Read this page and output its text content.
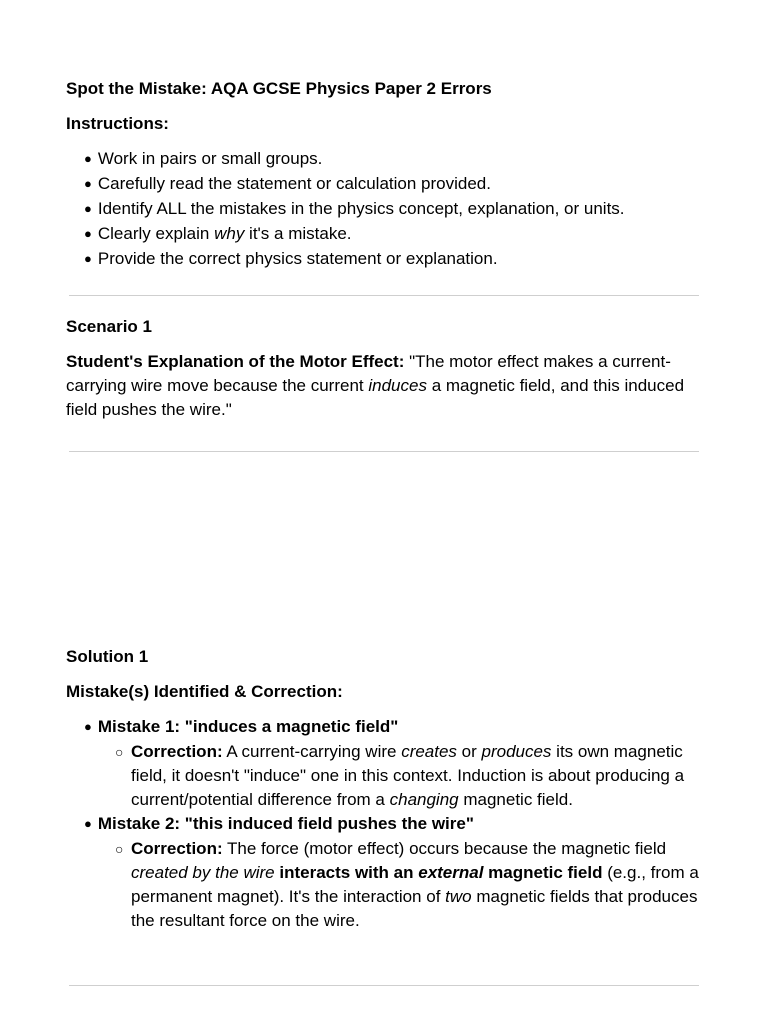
Spot the Mistake: AQA GCSE Physics Paper 2 Errors

Instructions:

● Work in pairs or small groups.
● Carefully read the statement or calculation provided.
● Identify ALL the mistakes in the physics concept, explanation, or units.
● Clearly explain why it's a mistake.
● Provide the correct physics statement or explanation.

Scenario 1

Student's Explanation of the Motor Effect: "The motor effect makes a current-carrying wire move because the current induces a magnetic field, and this induced field pushes the wire."

Solution 1

Mistake(s) Identified & Correction:

● Mistake 1: "induces a magnetic field"
○ Correction: A current-carrying wire creates or produces its own magnetic field, it doesn't "induce" one in this context. Induction is about producing a current/potential difference from a changing magnetic field.
● Mistake 2: "this induced field pushes the wire"
○ Correction: The force (motor effect) occurs because the magnetic field created by the wire interacts with an external magnetic field (e.g., from a permanent magnet). It's the interaction of two magnetic fields that produces the resultant force on the wire.
